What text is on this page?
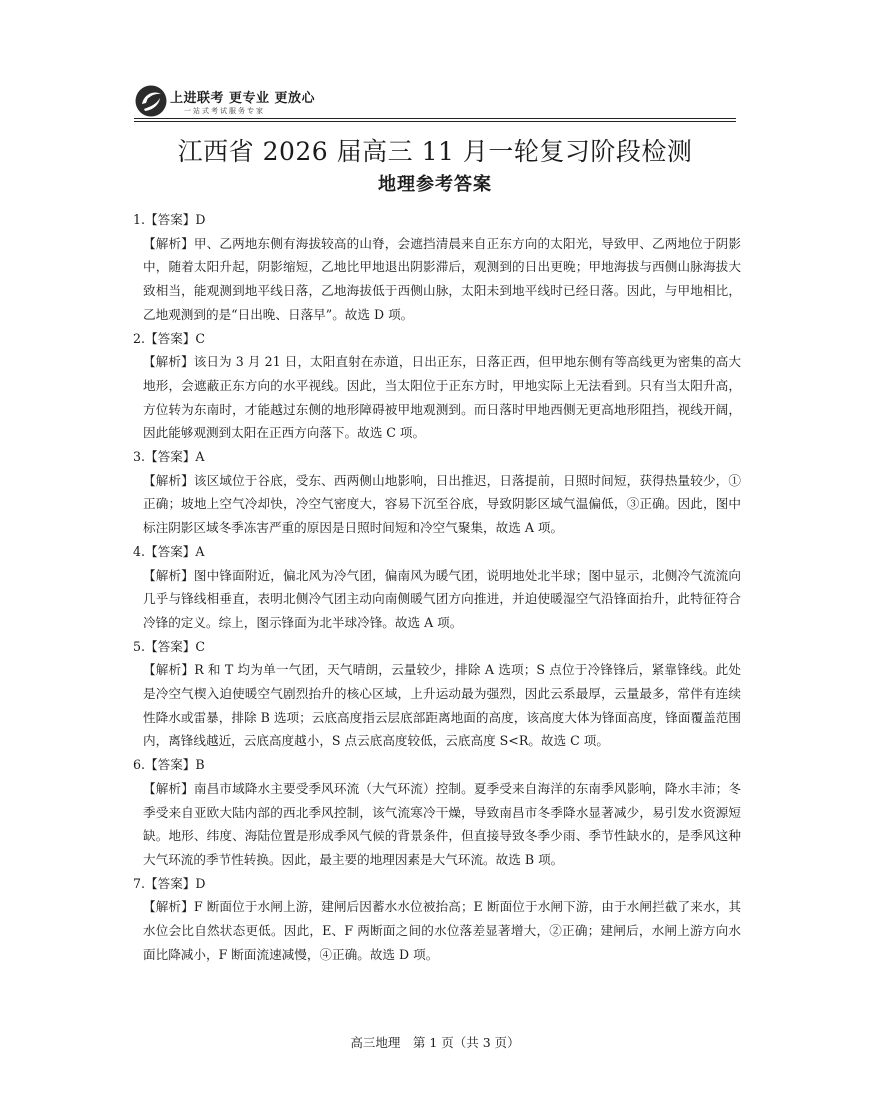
上进联考 更专业 更放心
一站式考试服务专家
江西省 2026 届高三 11 月一轮复习阶段检测
地理参考答案

1.【答案】D

【解析】甲、乙两地东侧有海拔较高的山脊，会遮挡清晨来自正东方向的太阳光，导致甲、乙两地位于阴影中，随着太阳升起，阴影缩短，乙地比甲地退出阴影滞后，观测到的日出更晚；甲地海拔与西侧山脉海拔大致相当，能观测到地平线日落，乙地海拔低于西侧山脉，太阳未到地平线时已经日落。因此，与甲地相比，乙地观测到的是“日出晚、日落早”。故选 D 项。

2.【答案】C

【解析】该日为 3 月 21 日，太阳直射在赤道，日出正东，日落正西，但甲地东侧有等高线更为密集的高大地形，会遮蔽正东方向的水平视线。因此，当太阳位于正东方时，甲地实际上无法看到。只有当太阳升高，方位转为东南时，才能越过东侧的地形障碍被甲地观测到。而日落时甲地西侧无更高地形阻挡，视线开阔，因此能够观测到太阳在正西方向落下。故选 C 项。

3.【答案】A

【解析】该区域位于谷底，受东、西两侧山地影响，日出推迟，日落提前，日照时间短，获得热量较少，①正确；坡地上空气冷却快，冷空气密度大，容易下沉至谷底，导致阴影区域气温偏低，③正确。因此，图中标注阴影区域冬季冻害严重的原因是日照时间短和冷空气聚集，故选 A 项。

4.【答案】A

【解析】图中锋面附近，偏北风为冷气团，偏南风为暖气团，说明地处北半球；图中显示，北侧冷气流流向几乎与锋线相垂直，表明北侧冷气团主动向南侧暖气团方向推进，并迫使暖湿空气沿锋面抬升，此特征符合冷锋的定义。综上，图示锋面为北半球冷锋。故选 A 项。

5.【答案】C

【解析】R 和 T 均为单一气团，天气晴朗，云量较少，排除 A 选项；S 点位于冷锋锋后，紧靠锋线。此处是冷空气楔入迫使暖空气剧烈抬升的核心区域，上升运动最为强烈，因此云系最厚，云量最多，常伴有连续性降水或雷暴，排除 B 选项；云底高度指云层底部距离地面的高度，该高度大体为锋面高度，锋面覆盖范围内，离锋线越近，云底高度越小，S 点云底高度较低，云底高度 S<R。故选 C 项。

6.【答案】B

【解析】南昌市域降水主要受季风环流（大气环流）控制。夏季受来自海洋的东南季风影响，降水丰沛；冬季受来自亚欧大陆内部的西北季风控制，该气流寒冷干燥，导致南昌市冬季降水显著减少，易引发水资源短缺。地形、纬度、海陆位置是形成季风气候的背景条件，但直接导致冬季少雨、季节性缺水的，是季风这种大气环流的季节性转换。因此，最主要的地理因素是大气环流。故选 B 项。

7.【答案】D

【解析】F 断面位于水闸上游，建闸后因蓄水水位被抬高；E 断面位于水闸下游，由于水闸拦截了来水，其水位会比自然状态更低。因此，E、F 两断面之间的水位落差显著增大，②正确；建闸后，水闸上游方向水面比降减小，F 断面流速减慢，④正确。故选 D 项。

高三地理　第 1 页（共 3 页）
